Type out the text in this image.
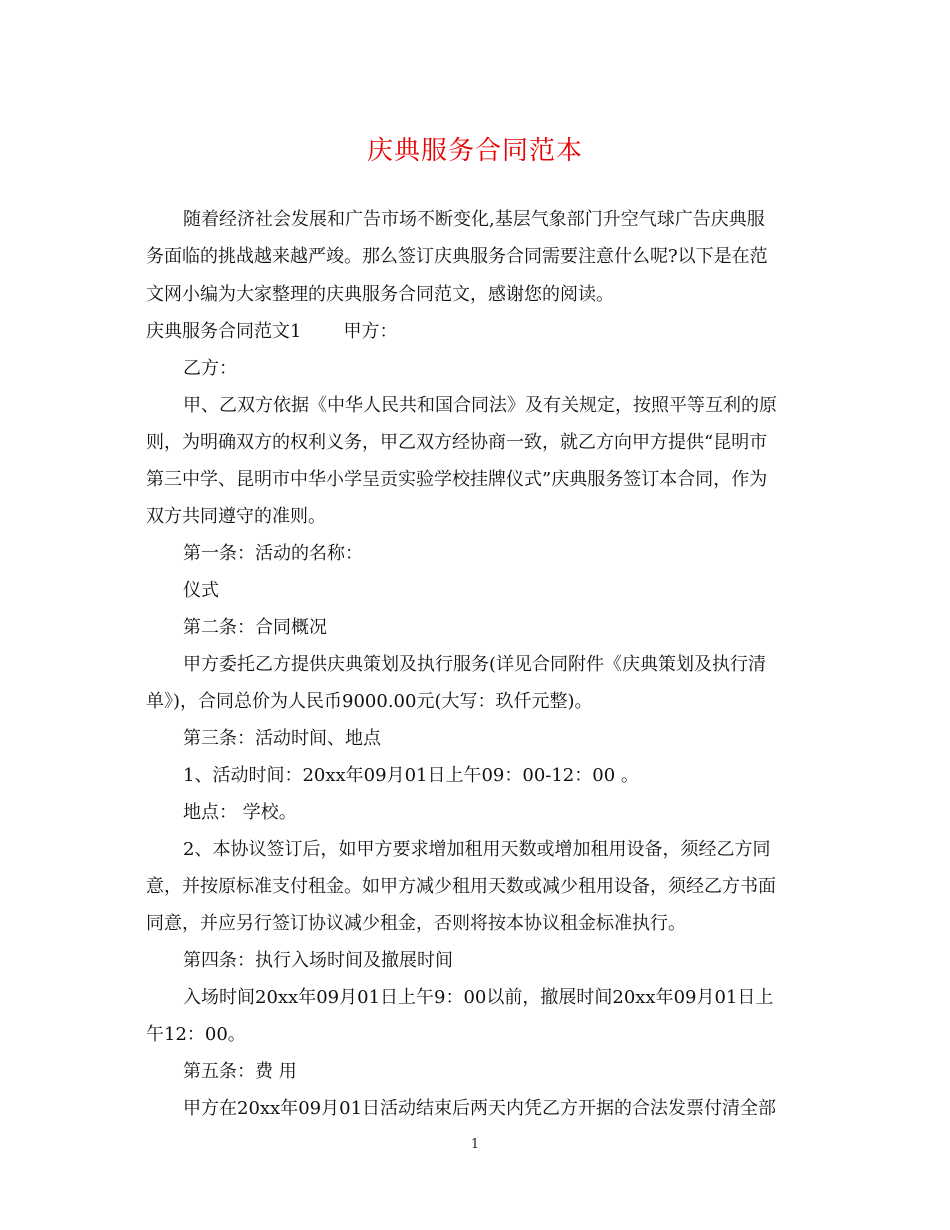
庆典服务合同范本
随着经济社会发展和广告市场不断变化,基层气象部门升空气球广告庆典服
务面临的挑战越来越严竣。那么签订庆典服务合同需要注意什么呢?以下是在范
文网小编为大家整理的庆典服务合同范文，感谢您的阅读。
庆典服务合同范文1 甲方：
乙方：
甲、乙双方依据《中华人民共和国合同法》及有关规定，按照平等互利的原
则，为明确双方的权利义务，甲乙双方经协商一致，就乙方向甲方提供“昆明市
第三中学、昆明市中华小学呈贡实验学校挂牌仪式”庆典服务签订本合同，作为
双方共同遵守的准则。
第一条：活动的名称：
仪式
第二条：合同概况
甲方委托乙方提供庆典策划及执行服务(详见合同附件《庆典策划及执行清
单》)，合同总价为人民币9000.00元(大写：玖仟元整)。
第三条：活动时间、地点
1、活动时间：20xx年09月01日上午09：00-12：00 。
地点： 学校。
2、本协议签订后，如甲方要求增加租用天数或增加租用设备，须经乙方同
意，并按原标准支付租金。如甲方减少租用天数或减少租用设备，须经乙方书面
同意，并应另行签订协议减少租金，否则将按本协议租金标准执行。
第四条：执行入场时间及撤展时间
入场时间20xx年09月01日上午9：00以前，撤展时间20xx年09月01日上
午12：00。
第五条：费 用
甲方在20xx年09月01日活动结束后两天内凭乙方开据的合法发票付清全部
1
